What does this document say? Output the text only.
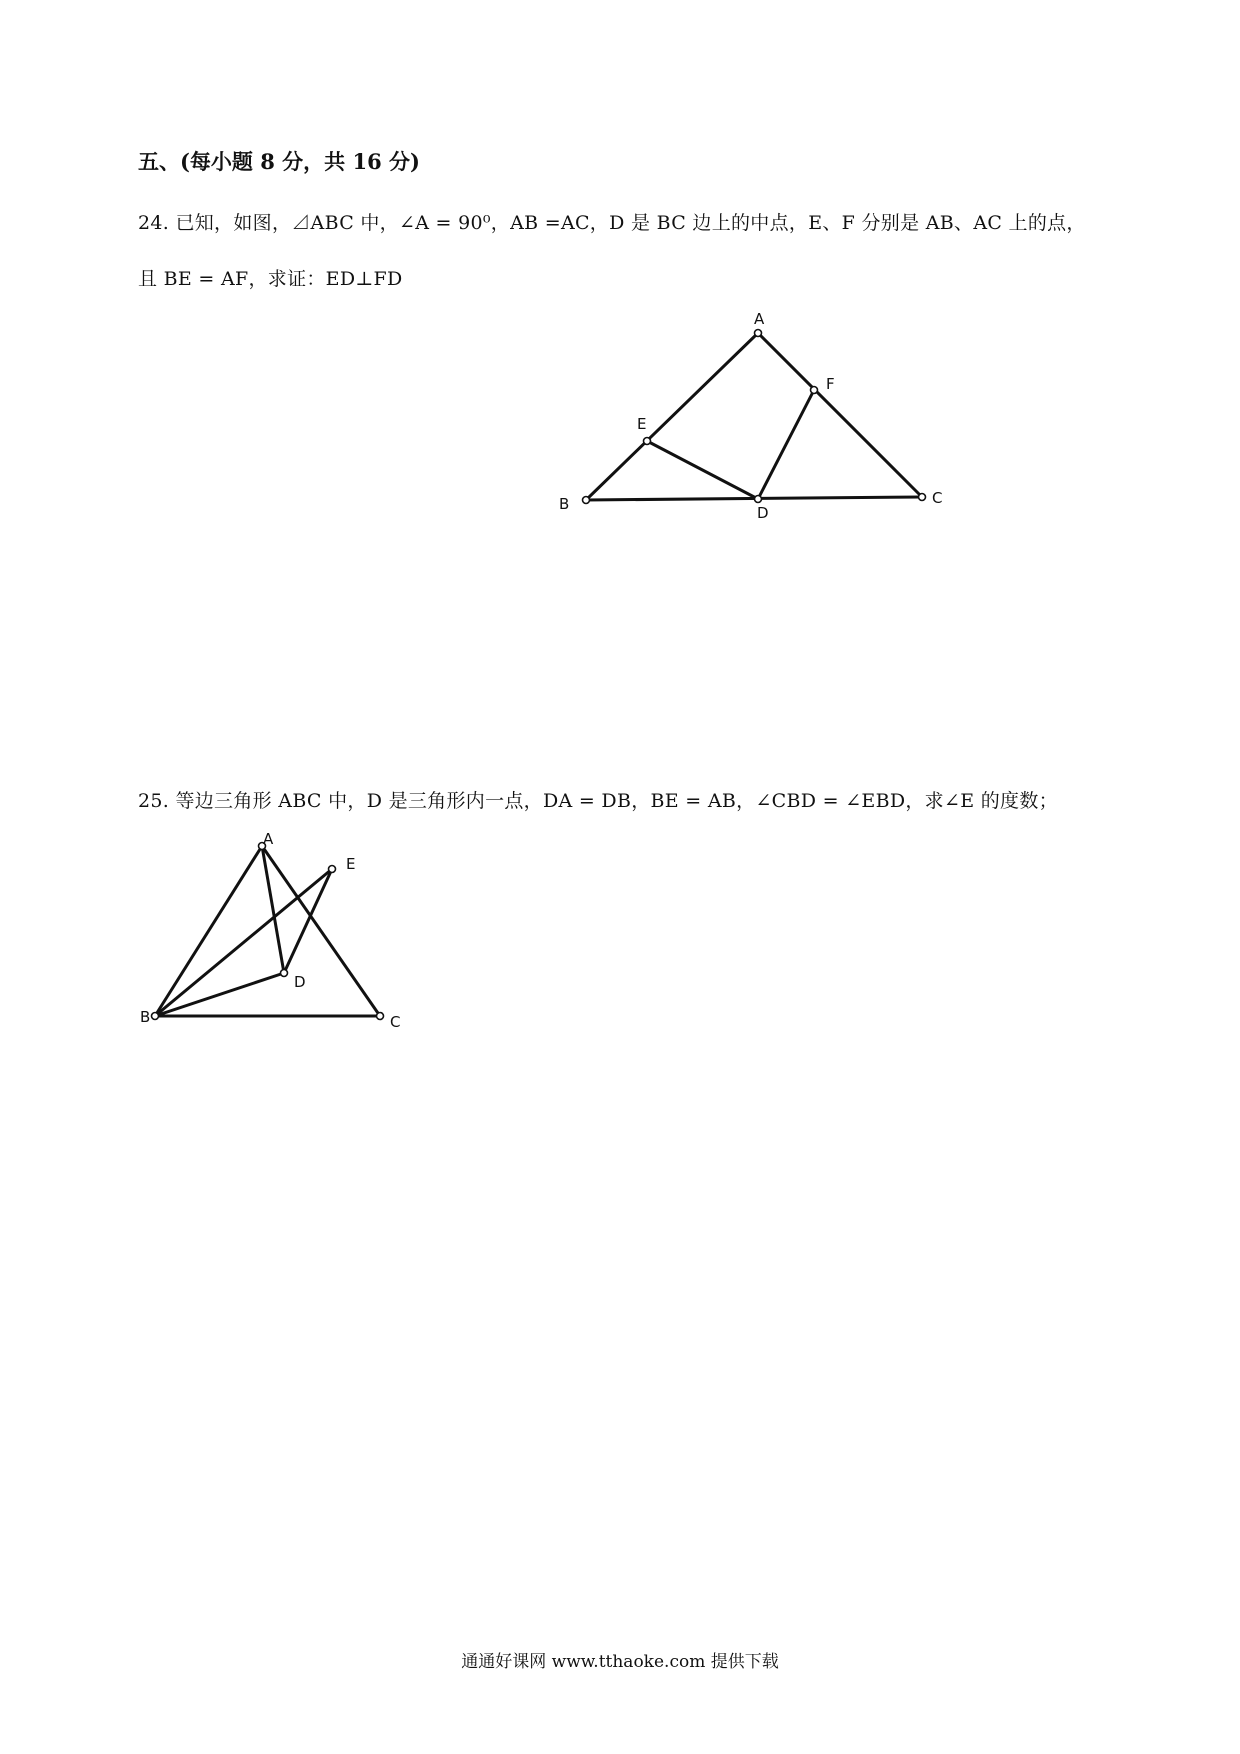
五、(每小题 8 分，共 16 分)
24. 已知，如图，⊿ABC 中，∠A = 90⁰，AB =AC，D 是 BC 边上的中点，E、F 分别是 AB、AC 上的点，
且 BE = AF，求证：ED⊥FD
A
B	C
D
E
F
25. 等边三角形 ABC 中，D 是三角形内一点，DA = DB，BE = AB，∠CBD = ∠EBD，求∠E 的度数；
A
B	C
D
E
通通好课网 www.tthaoke.com 提供下载
